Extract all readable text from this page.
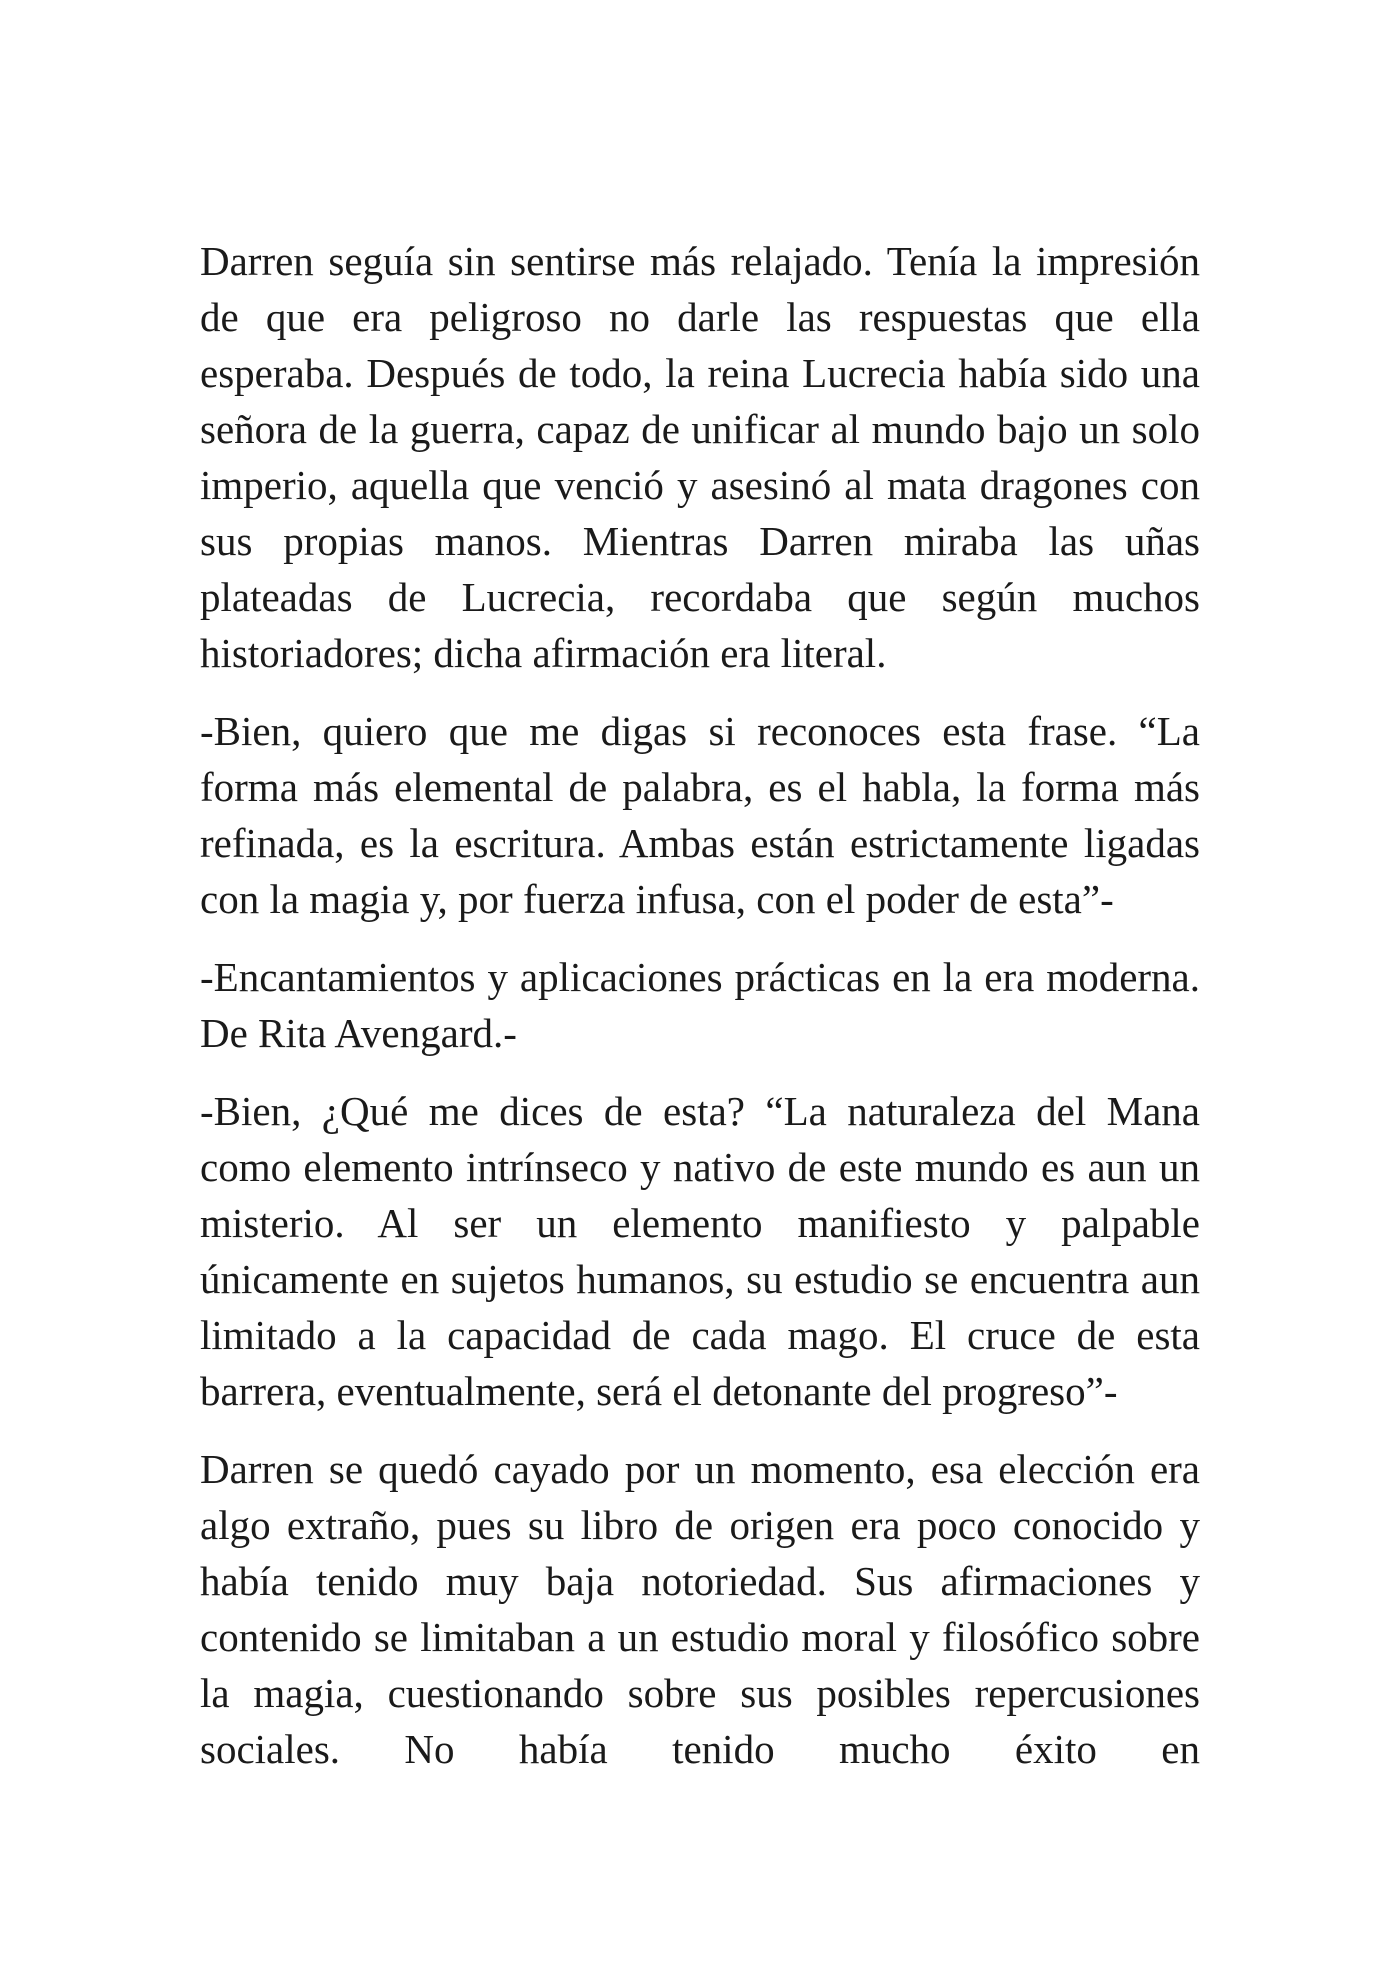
Darren seguía sin sentirse más relajado. Tenía la impresión de que era peligroso no darle las respuestas que ella esperaba. Después de todo, la reina Lucrecia había sido una señora de la guerra, capaz de unificar al mundo bajo un solo imperio, aquella que venció y asesinó al mata dragones con sus propias manos. Mientras Darren miraba las uñas plateadas de Lucrecia, recordaba que según muchos historiadores; dicha afirmación era literal.

-Bien, quiero que me digas si reconoces esta frase. “La forma más elemental de palabra, es el habla, la forma más refinada, es la escritura. Ambas están estrictamente ligadas con la magia y, por fuerza infusa, con el poder de esta”-

-Encantamientos y aplicaciones prácticas en la era moderna. De Rita Avengard.-

-Bien, ¿Qué me dices de esta? “La naturaleza del Mana como elemento intrínseco y nativo de este mundo es aun un misterio. Al ser un elemento manifiesto y palpable únicamente en sujetos humanos, su estudio se encuentra aun limitado a la capacidad de cada mago. El cruce de esta barrera, eventualmente, será el detonante del progreso”-

Darren se quedó cayado por un momento, esa elección era algo extraño, pues su libro de origen era poco conocido y había tenido muy baja notoriedad. Sus afirmaciones y contenido se limitaban a un estudio moral y filosófico sobre la magia, cuestionando sobre sus posibles repercusiones sociales. No había tenido mucho éxito en
